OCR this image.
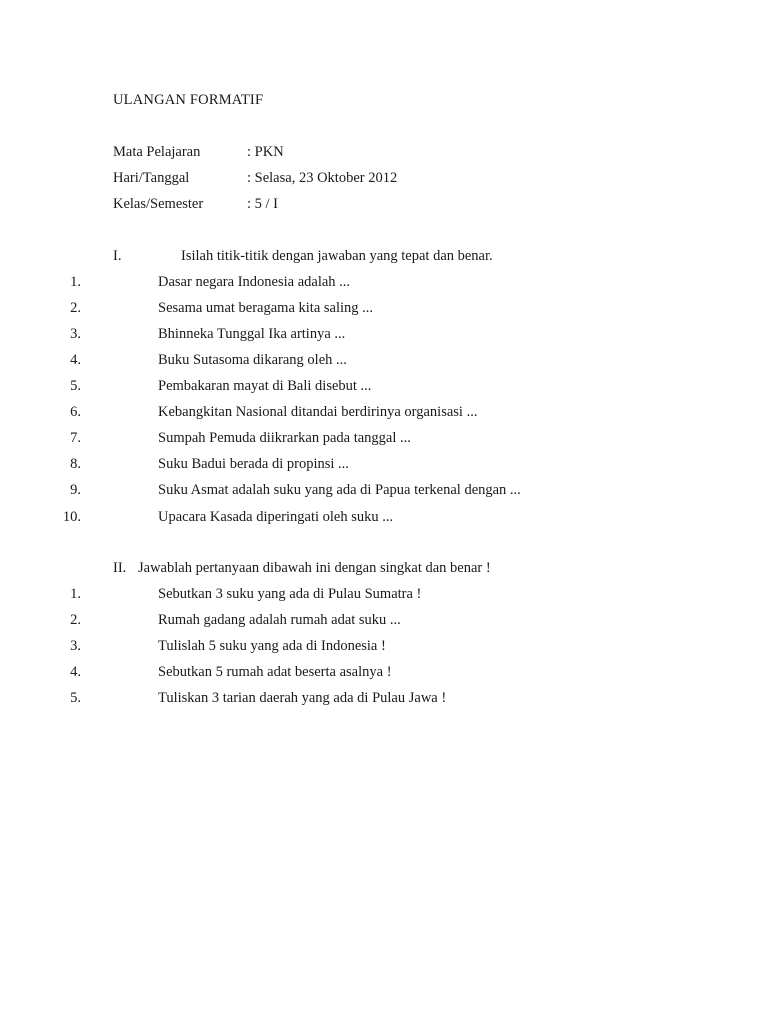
ULANGAN FORMATIF
Mata Pelajaran	: PKN
Hari/Tanggal	: Selasa, 23 Oktober 2012
Kelas/Semester	: 5 / I
I.	Isilah titik-titik dengan jawaban yang tepat dan benar.
1.	Dasar negara Indonesia adalah ...
2.	Sesama umat beragama kita saling ...
3.	Bhinneka Tunggal Ika artinya ...
4.	Buku Sutasoma dikarang oleh ...
5.	Pembakaran mayat di Bali disebut ...
6.	Kebangkitan Nasional ditandai berdirinya organisasi ...
7.	Sumpah Pemuda diikrarkan pada tanggal ...
8.	Suku Badui berada di propinsi ...
9.	Suku Asmat adalah suku yang ada di Papua terkenal dengan ...
10.	Upacara Kasada diperingati oleh suku ...
II. Jawablah pertanyaan dibawah ini dengan singkat dan benar !
1.	Sebutkan 3 suku yang ada di Pulau Sumatra !
2.	Rumah gadang adalah rumah adat suku ...
3.	Tulislah 5 suku yang ada di Indonesia !
4.	Sebutkan 5 rumah adat beserta asalnya !
5.	Tuliskan 3 tarian daerah yang ada di Pulau Jawa !
